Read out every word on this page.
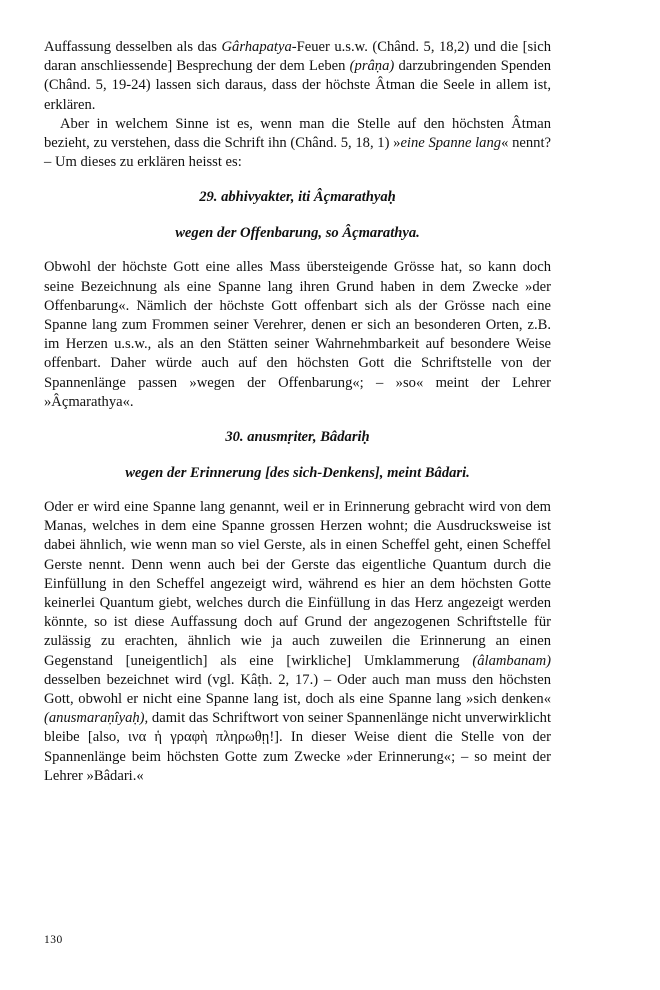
Auffassung desselben als das Gârhapatya-Feuer u.s.w. (Chând. 5, 18,2) und die [sich daran anschliessende] Besprechung der dem Leben (prâṇa) darzubringenden Spenden (Chând. 5, 19-24) lassen sich daraus, dass der höchste Âtman die Seele in allem ist, erklären.

Aber in welchem Sinne ist es, wenn man die Stelle auf den höchsten Âtman bezieht, zu verstehen, dass die Schrift ihn (Chând. 5, 18, 1) »eine Spanne lang« nennt? – Um dieses zu erklären heisst es:

29. abhivyakter, iti Âçmarathyaḥ
wegen der Offenbarung, so Âçmarathya.

Obwohl der höchste Gott eine alles Mass übersteigende Grösse hat, so kann doch seine Bezeichnung als eine Spanne lang ihren Grund haben in dem Zwecke »der Offenbarung«. Nämlich der höchste Gott offenbart sich als der Grösse nach eine Spanne lang zum Frommen seiner Verehrer, denen er sich an besonderen Orten, z.B. im Herzen u.s.w., als an den Stätten seiner Wahrnehmbarkeit auf besondere Weise offenbart. Daher würde auch auf den höchsten Gott die Schriftstelle von der Spannenlänge passen »wegen der Offenbarung«; – »so« meint der Lehrer »Âçmarathya«.

30. anusmṛiter, Bâdariḥ
wegen der Erinnerung [des sich-Denkens], meint Bâdari.

Oder er wird eine Spanne lang genannt, weil er in Erinnerung gebracht wird von dem Manas, welches in dem eine Spanne grossen Herzen wohnt; die Ausdrucksweise ist dabei ähnlich, wie wenn man so viel Gerste, als in einen Scheffel geht, einen Scheffel Gerste nennt. Denn wenn auch bei der Gerste das eigentliche Quantum durch die Einfüllung in den Scheffel angezeigt wird, während es hier an dem höchsten Gotte keinerlei Quantum giebt, welches durch die Einfüllung in das Herz angezeigt werden könnte, so ist diese Auffassung doch auf Grund der angezogenen Schriftstelle für zulässig zu erachten, ähnlich wie ja auch zuweilen die Erinnerung an einen Gegenstand [uneigentlich] als eine [wirkliche] Umklammerung (âlambanam) desselben bezeichnet wird (vgl. Kâṭh. 2, 17.) – Oder auch man muss den höchsten Gott, obwohl er nicht eine Spanne lang ist, doch als eine Spanne lang »sich denken« (anusmaraṇîyaḥ), damit das Schriftwort von seiner Spannenlänge nicht unverwirklicht bleibe [also, ινα ἡ γραφὴ πληρωθῃ!]. In dieser Weise dient die Stelle von der Spannenlänge beim höchsten Gotte zum Zwecke »der Erinnerung«; – so meint der Lehrer »Bâdari.«

130
